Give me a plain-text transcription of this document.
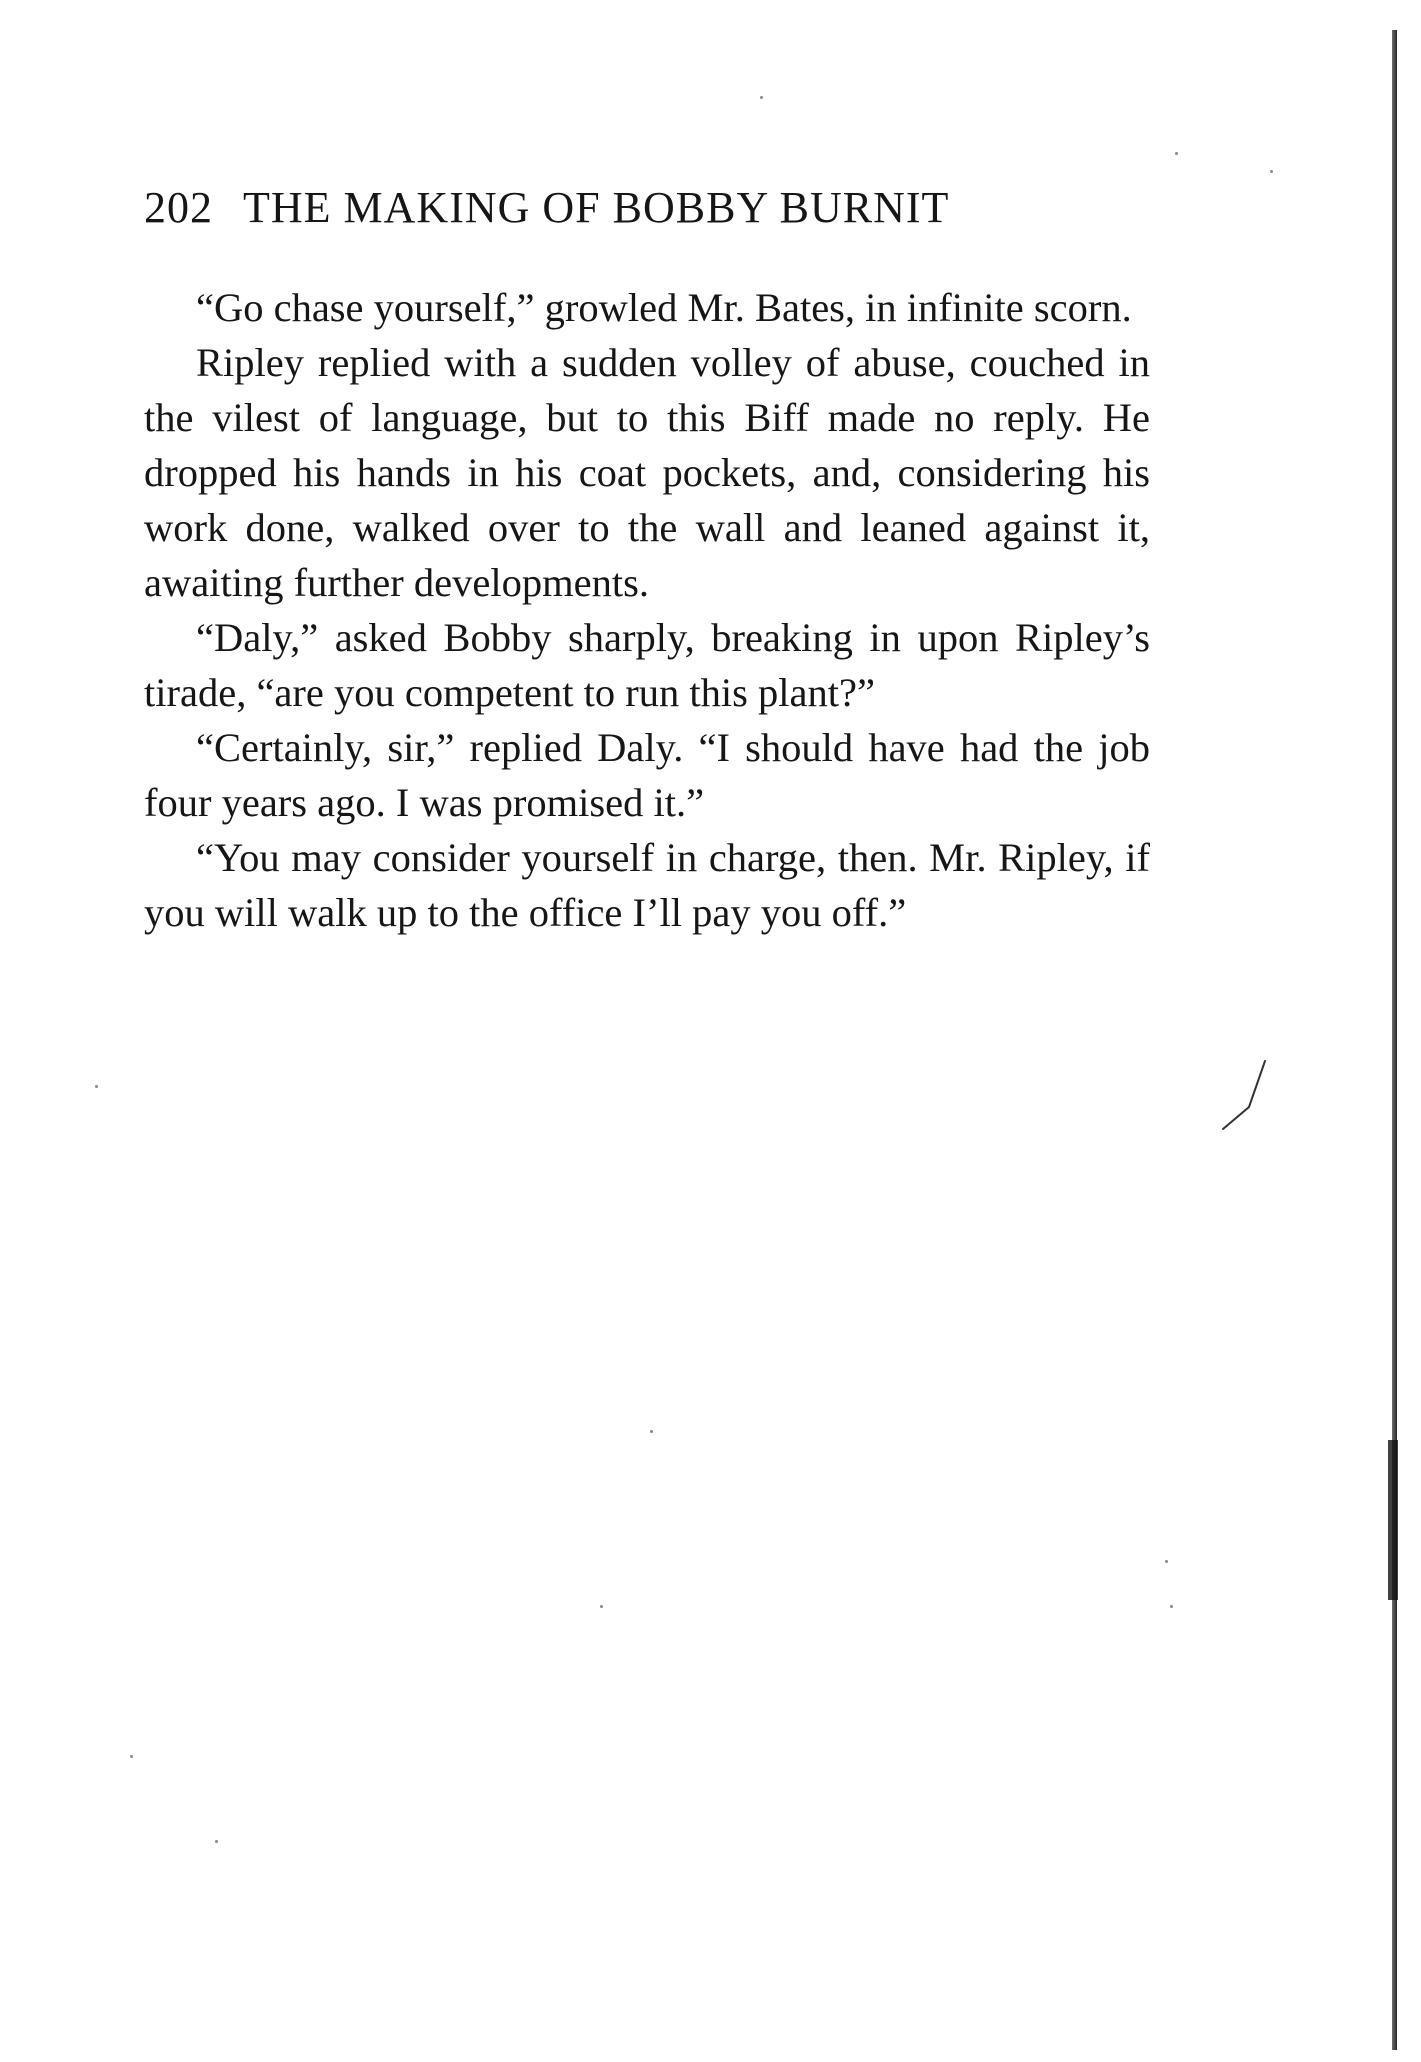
202 THE MAKING OF BOBBY BURNIT

“Go chase yourself,” growled Mr. Bates, in infinite scorn.

Ripley replied with a sudden volley of abuse, couched in the vilest of language, but to this Biff made no reply. He dropped his hands in his coat pockets, and, considering his work done, walked over to the wall and leaned against it, awaiting further developments.

“Daly,” asked Bobby sharply, breaking in upon Ripley’s tirade, “are you competent to run this plant?”

“Certainly, sir,” replied Daly. “I should have had the job four years ago. I was promised it.”

“You may consider yourself in charge, then. Mr. Ripley, if you will walk up to the office I’ll pay you off.”
